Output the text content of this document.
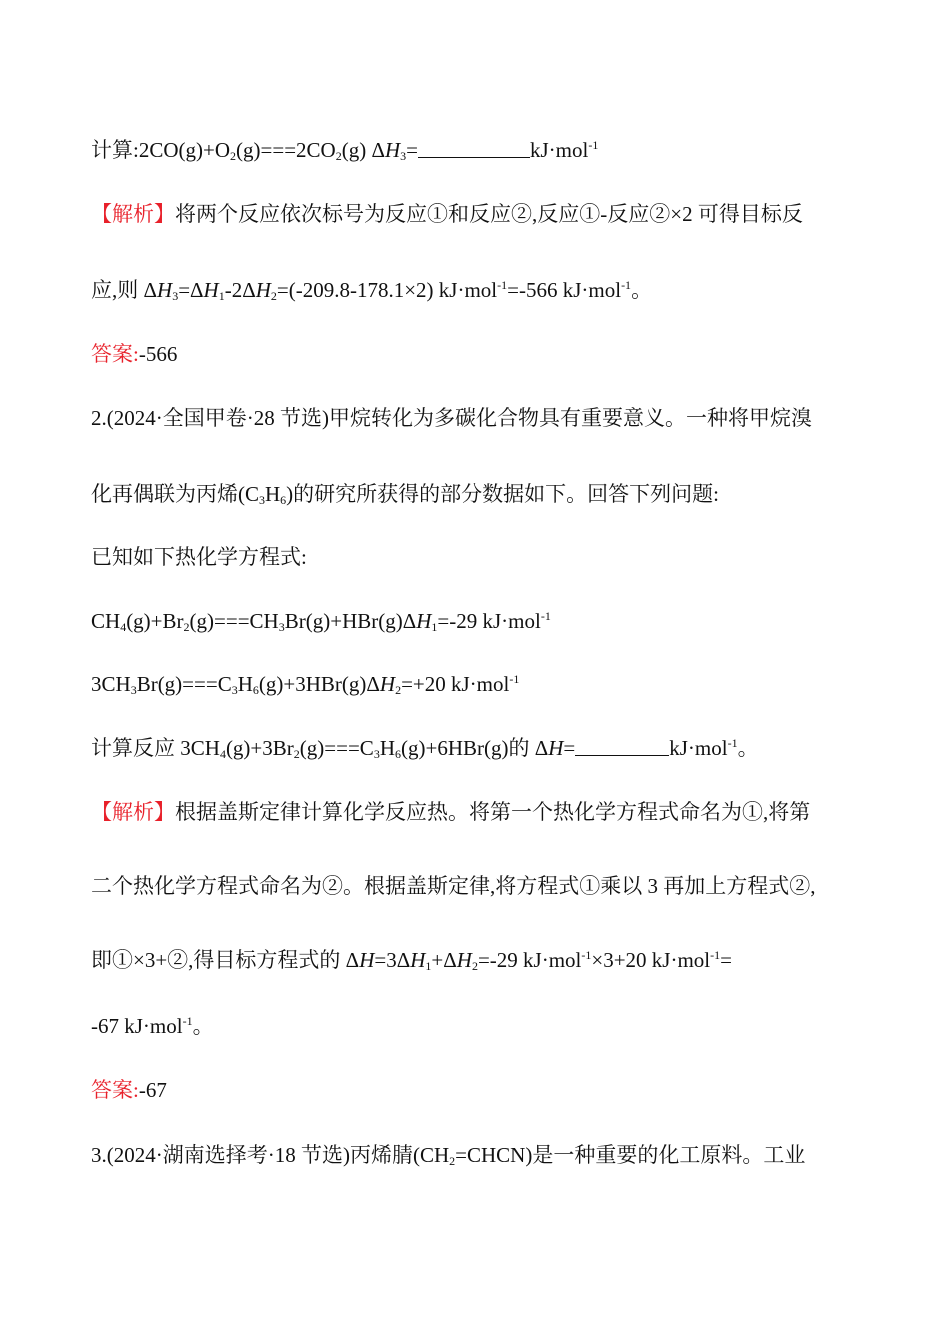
计算$:2CO(g)+O_2(g)===2CO_2(g)$ $\Delta H_3=$	kJ·mol$^{-1}$
【解析】将两个反应依次标号为反应①和反应②,反应①-反应②×2 可得目标反
应,则 $\Delta H_3=\Delta H_1-2\Delta H_2=(-209.8-178.1\times 2)$ kJ·mol$^{-1}$=-566 kJ·mol$^{-1}$。
答案:-566
2.(2024·全国甲卷·28 节选)甲烷转化为多碳化合物具有重要意义。一种将甲烷溴
化再偶联为丙烯$(C_3H_6)$的研究所获得的部分数据如下。回答下列问题:
已知如下热化学方程式:
$CH_4(g)+Br_2(g)===CH_3Br(g)+HBr(g)\Delta H_1=-29$ kJ·mol$^{-1}$
$3CH_3Br(g)===C_3H_6(g)+3HBr(g)\Delta H_2=+20$ kJ·mol$^{-1}$
计算反应 $3CH_4(g)+3Br_2(g)===C_3H_6(g)+6HBr(g)$的 ΔH=	kJ·mol$^{-1}$。
【解析】根据盖斯定律计算化学反应热。将第一个热化学方程式命名为①,将第
二个热化学方程式命名为②。根据盖斯定律,将方程式①乘以 3 再加上方程式②,
即①×3+②,得目标方程式的 $\Delta H=3\Delta H_1+\Delta H_2=-29$ kJ·mol$^{-1}$×3+20 kJ·mol$^{-1}$=
-67 kJ·mol$^{-1}$。
答案:-67
3.(2024·湖南选择考·18 节选)丙烯腈$(CH_2=CHCN)$是一种重要的化工原料。工业
